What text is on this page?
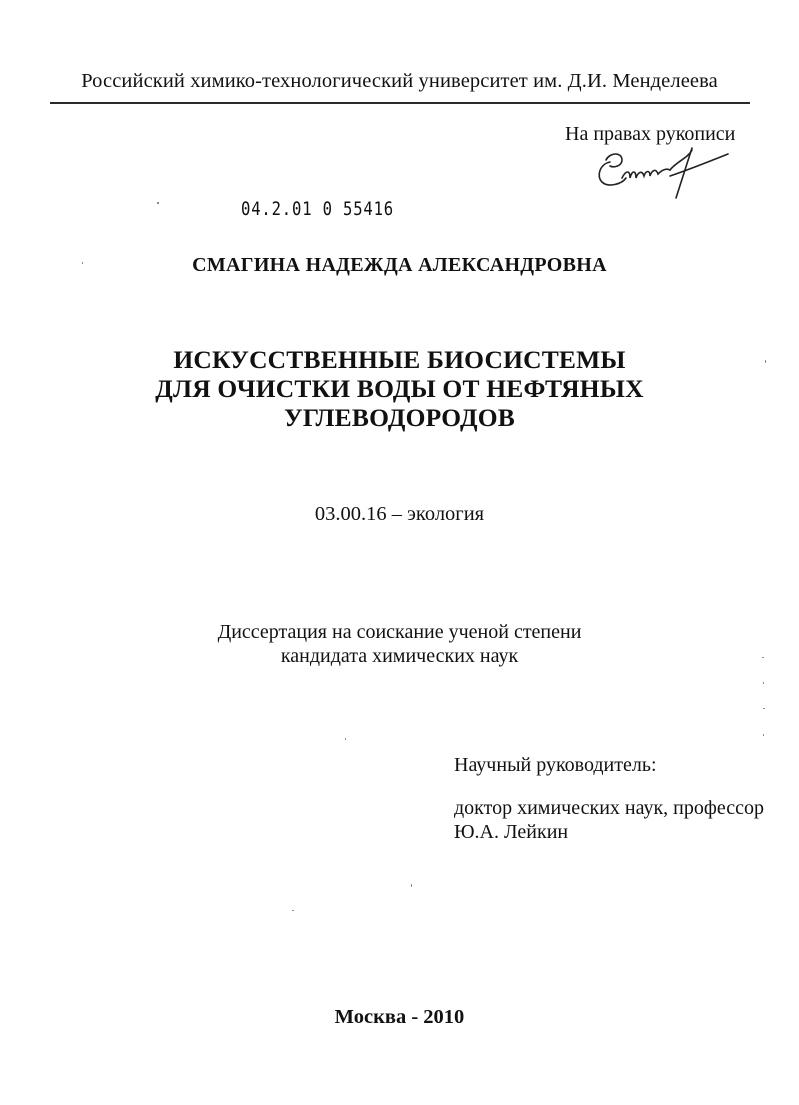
Российский химико-технологический университет им. Д.И. Менделеева
На правах рукописи
04.2.01 0 55416
СМАГИНА НАДЕЖДА АЛЕКСАНДРОВНА
ИСКУССТВЕННЫЕ БИОСИСТЕМЫ
ДЛЯ ОЧИСТКИ ВОДЫ ОТ НЕФТЯНЫХ
УГЛЕВОДОРОДОВ
03.00.16 – экология
Диссертация на соискание ученой степени
кандидата химических наук
Научный руководитель:
доктор химических наук, профессор
Ю.А. Лейкин
Москва - 2010
